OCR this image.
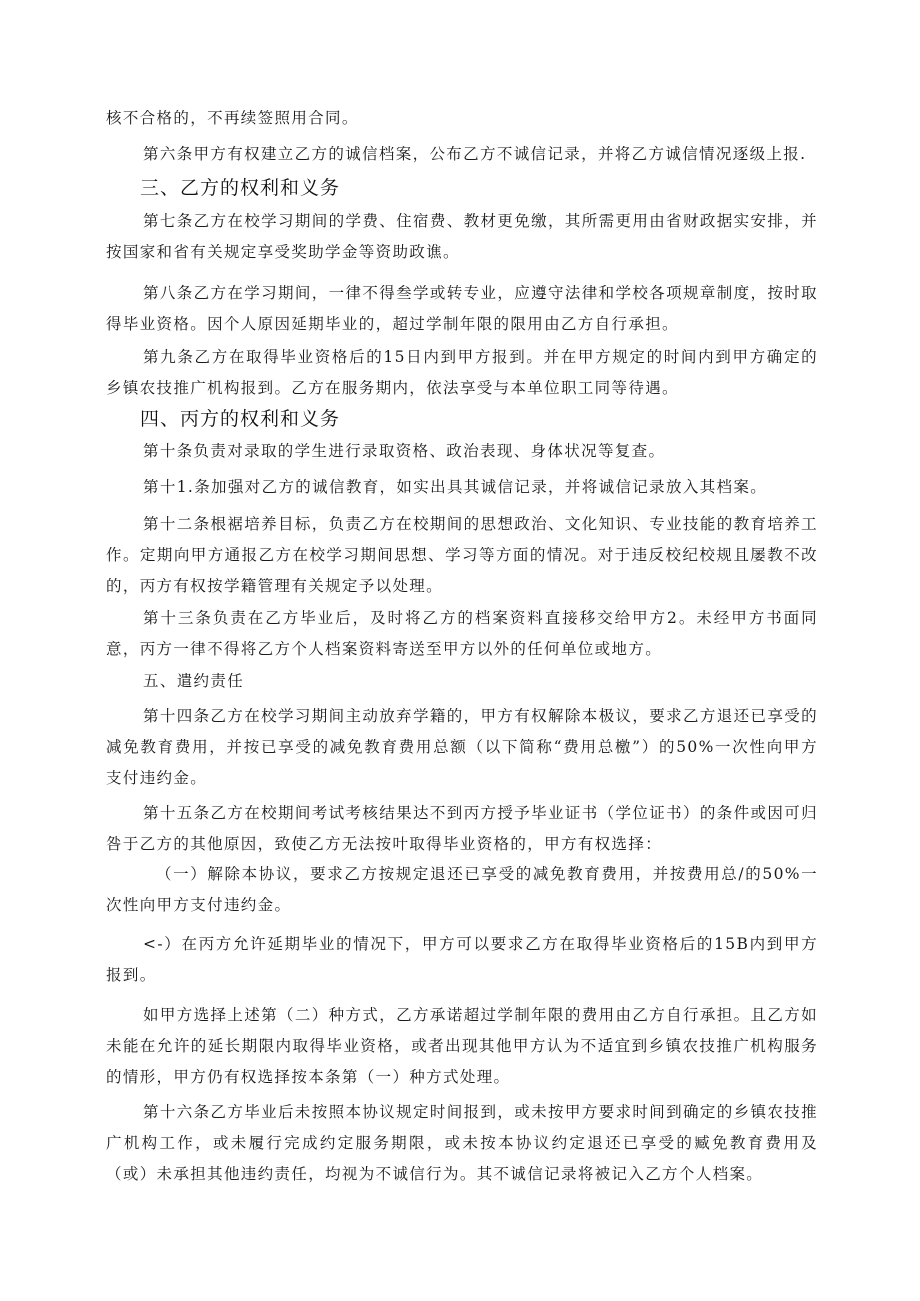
核不合格的，不再续签照用合同。
第六条甲方有权建立乙方的诚信档案，公布乙方不诚信记录，并将乙方诚信情况逐级上报.
三、乙方的权利和义务
第七条乙方在校学习期间的学费、住宿费、教材更免缴，其所需更用由省财政据实安排，并按国家和省有关规定享受奖助学金等资助政谯。
第八条乙方在学习期间，一律不得叁学或转专业，应遵守法律和学校各项规章制度，按时取得毕业资格。因个人原因延期毕业的，超过学制年限的限用由乙方自行承担。
第九条乙方在取得毕业资格后的15日内到甲方报到。并在甲方规定的时间内到甲方确定的乡镇农技推广机构报到。乙方在服务期内，依法享受与本单位职工同等待遇。
四、丙方的权利和义务
第十条负责对录取的学生进行录取资格、政治表现、身体状况等复查。
第十1.条加强对乙方的诚信教育，如实出具其诚信记录，并将诚信记录放入其档案。
第十二条根裾培养目标，负责乙方在校期间的思想政治、文化知识、专业技能的教育培养工作。定期向甲方通报乙方在校学习期间思想、学习等方面的情况。对于违反校纪校规且屡教不改的，丙方有权按学籍管理有关规定予以处理。
第十三条负责在乙方毕业后，及时将乙方的档案资料直接移交给甲方2。未经甲方书面同意，丙方一律不得将乙方个人档案资料寄送至甲方以外的任何单位或地方。
五、遣约责任
第十四条乙方在校学习期间主动放弃学籍的，甲方有权解除本极议，要求乙方退还已享受的减免教育费用，并按已享受的减免教育费用总额（以下简称“费用总檄”）的50%一次性向甲方支付违约金。
第十五条乙方在校期间考试考核结果达不到丙方授予毕业证书（学位证书）的条件或因可归咎于乙方的其他原因，致使乙方无法按叶取得毕业资格的，甲方有权选择：
（一）解除本协议，要求乙方按规定退还已享受的减免教育费用，并按费用总/的50%一次性向甲方支付违约金。
<-）在丙方允许延期毕业的情况下，甲方可以要求乙方在取得毕业资格后的15B内到甲方报到。
如甲方选择上述第（二）种方式，乙方承诺超过学制年限的费用由乙方自行承担。且乙方如未能在允许的延长期限内取得毕业资格，或者出现其他甲方认为不适宜到乡镇农技推广机构服务的情形，甲方仍有权选择按本条第（一）种方式处理。
第十六条乙方毕业后未按照本协议规定时间报到，或未按甲方要求时间到确定的乡镇农技推广机构工作，或未履行完成约定服务期限，或未按本协议约定退还已享受的臧免教育费用及（或）未承担其他违约责任，均视为不诚信行为。其不诚信记录将被记入乙方个人档案。
